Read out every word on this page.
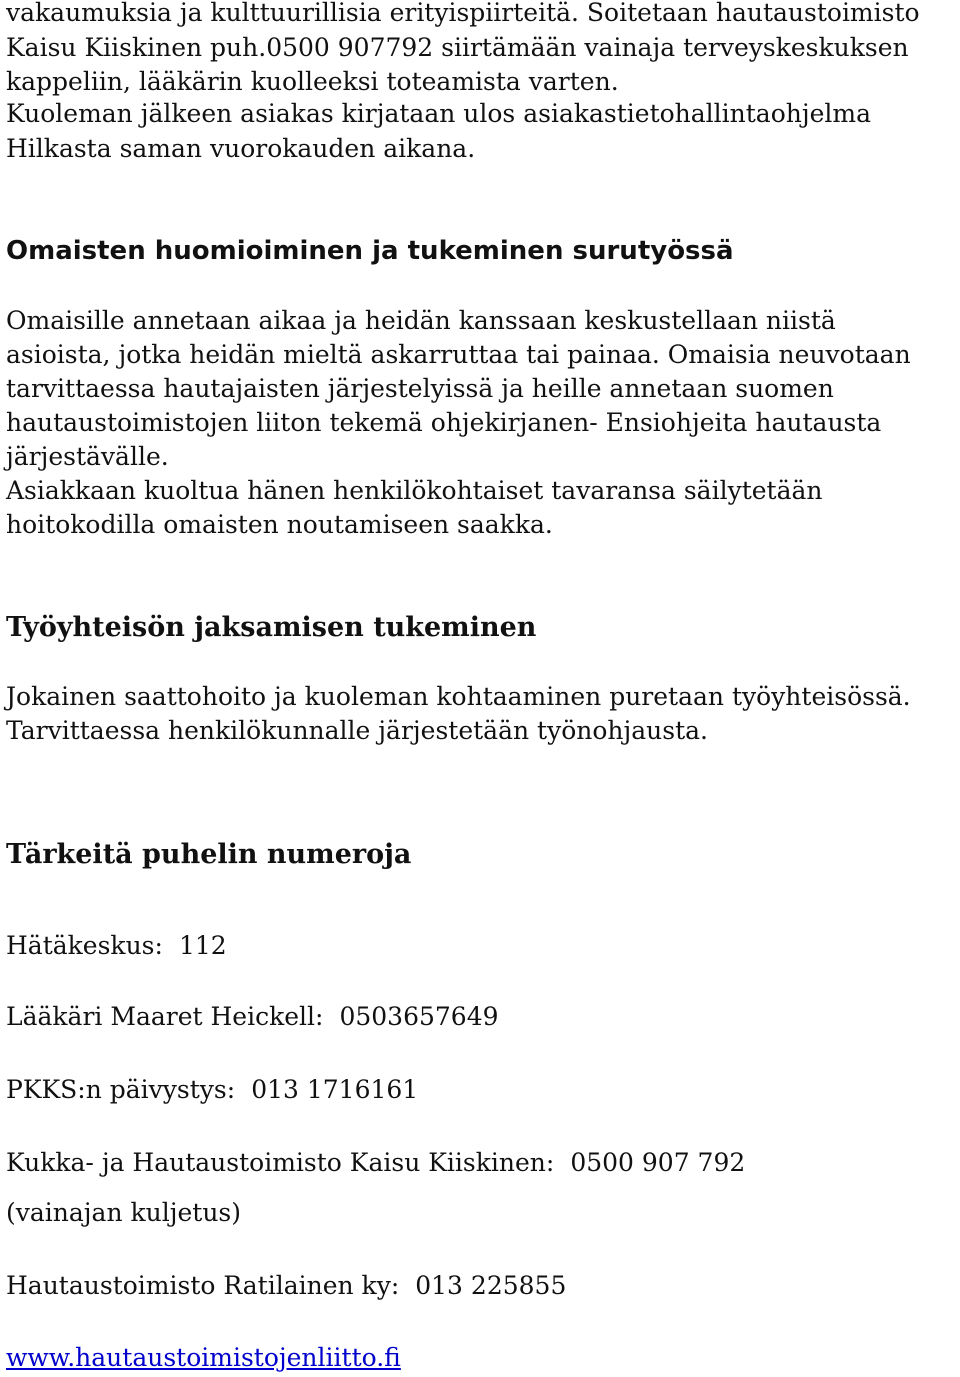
vakaumuksia ja kulttuurillisia erityispiirteitä. Soitetaan hautaustoimisto
Kaisu Kiiskinen puh.0500 907792 siirtämään vainaja terveyskeskuksen
kappeliin, lääkärin kuolleeksi toteamista varten.
Kuoleman jälkeen asiakas kirjataan ulos asiakastietohallintaohjelma
Hilkasta saman vuorokauden aikana.
Omaisten huomioiminen ja tukeminen surutyössä
Omaisille annetaan aikaa ja heidän kanssaan keskustellaan niistä
asioista, jotka heidän mieltä askarruttaa tai painaa. Omaisia neuvotaan
tarvittaessa hautajaisten järjestelyissä ja heille annetaan suomen
hautaustoimistojen liiton tekemä ohjekirjanen- Ensiohjeita hautausta
järjestävälle.
Asiakkaan kuoltua hänen henkilökohtaiset tavaransa säilytetään
hoitokodilla omaisten noutamiseen saakka.
Työyhteisön jaksamisen tukeminen
Jokainen saattohoito ja kuoleman kohtaaminen puretaan työyhteisössä.
Tarvittaessa henkilökunnalle järjestetään työnohjausta.
Tärkeitä puhelin numeroja
Hätäkeskus: 112
Lääkäri Maaret Heickell: 0503657649
PKKS:n päivystys: 013 1716161
Kukka- ja Hautaustoimisto Kaisu Kiiskinen: 0500 907 792
(vainajan kuljetus)
Hautaustoimisto Ratilainen ky: 013 225855
www.hautaustoimistojenliitto.fi
